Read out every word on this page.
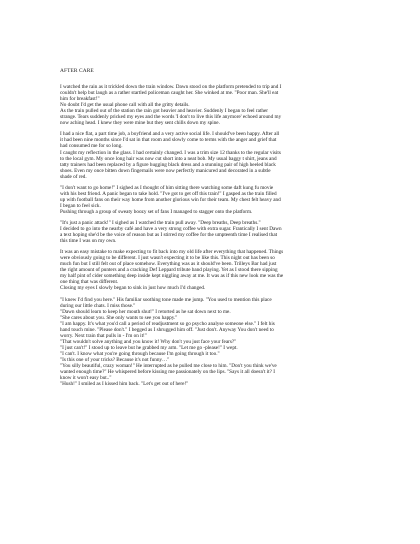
AFTER CARE

I watched the rain as it trickled down the train window. Dawn stood on the platform pretended to trip and I
couldn't help but laugh as a rather startled policeman caught her. She winked at me. "Poor man. She'll eat
him for breakfast!"
No doubt I'd get the usual phone call with all the gritty details.
As the train pulled out of the station the rain got heavier and heavier. Suddenly I began to feel rather
strange. Tears suddenly pricked my eyes and the words 'I don't to live this life anymore' echoed around my
now aching head. I knew they were mine but they sent chills down my spine.

I had a nice flat, a part time job, a boyfriend and a very active social life. I should've been happy. After all
it had been nine months since I'd sat in that room and slowly come to terms with the anger and grief that
had consumed me for so long.
I caught my reflection in the glass. I had certainly changed. I was a trim size 12 thanks to the regular visits
to the local gym. My once long hair was now cut short into a neat bob. My usual baggy t shirt, jeans and
tatty trainers had been replaced by a figure hugging black dress and a stunning pair of high heeled black
shoes. Even my once bitten down fingernails were now perfectly manicured and decorated in a subtle
shade of red.

"I don't want to go home!" I sighed as I thought of him sitting there watching some daft kung fu movie
with his best friend. A panic began to take hold. "I've got to get off this train!" I gasped as the train filled
up with football fans on their way home from another glorious win for their team. My chest felt heavy and
I began to feel sick.
Pushing through a group of sweaty boozy set of fans I managed to stagger onto the platform.

"It's just a panic attack!" I sighed as I watched the train pull away. "Deep breaths, Deep breaths."
I decided to go into the nearby café and have a very strong coffee with extra sugar. Frantically I sent Dawn
a text hoping she'd be the voice of reason but as I stirred my coffee for the umpteenth time I realised that
this time I was on my own.

It was an easy mistake to make expecting to fit back into my old life after everything that happened. Things
were obviously going to be different. I just wasn't expecting it to be like this. This night out has been so
much fun but I still felt out of place somehow. Everything was as it should've been. Trilleys Bar had just
the right amount of punters and a cracking Def Leppard tribute band playing. Yet as I stood there sipping
my half pint of cider something deep inside kept niggling away at me. It was as if this new look me was the
one thing that was different.
Closing my eyes I slowly began to sink in just how much I'd changed.

"I knew I'd find you here." His familiar soothing tone made me jump. "You used to mention this place
during our little chats. I miss those."
"Dawn should learn to keep her mouth shut!" I retorted as he sat down next to me.
"She cares about you. She only wants to see you happy."
"I am happy. It's what you'd call a period of readjustment so go psycho analyse someone else." I felt his
hand touch mine. "Please don't." I begged as I shrugged him off. "Just don't. Anyway You don't need to
worry. Next train that pulls in - I'm on it!"
"That wouldn't solve anything and you know it! Why don't you just face your fears?"
"I just can't!" I stood up to leave but he grabbed my arm. "Let me go -please!" I wept.
"I can't. I know what you're going through because I'm going through it too."
"Is this one of your tricks? Because it's not funny…"
"You silly beautiful, crazy woman!" He interrupted as he pulled me close to him. "Don't you think we've
wanted enough time?" He whispered before kissing me passionately on the lips. "Says it all doesn't it? I
know it won't easy but.."
"Hush!" I smiled as I kissed him back. "Let's get out of here!"
